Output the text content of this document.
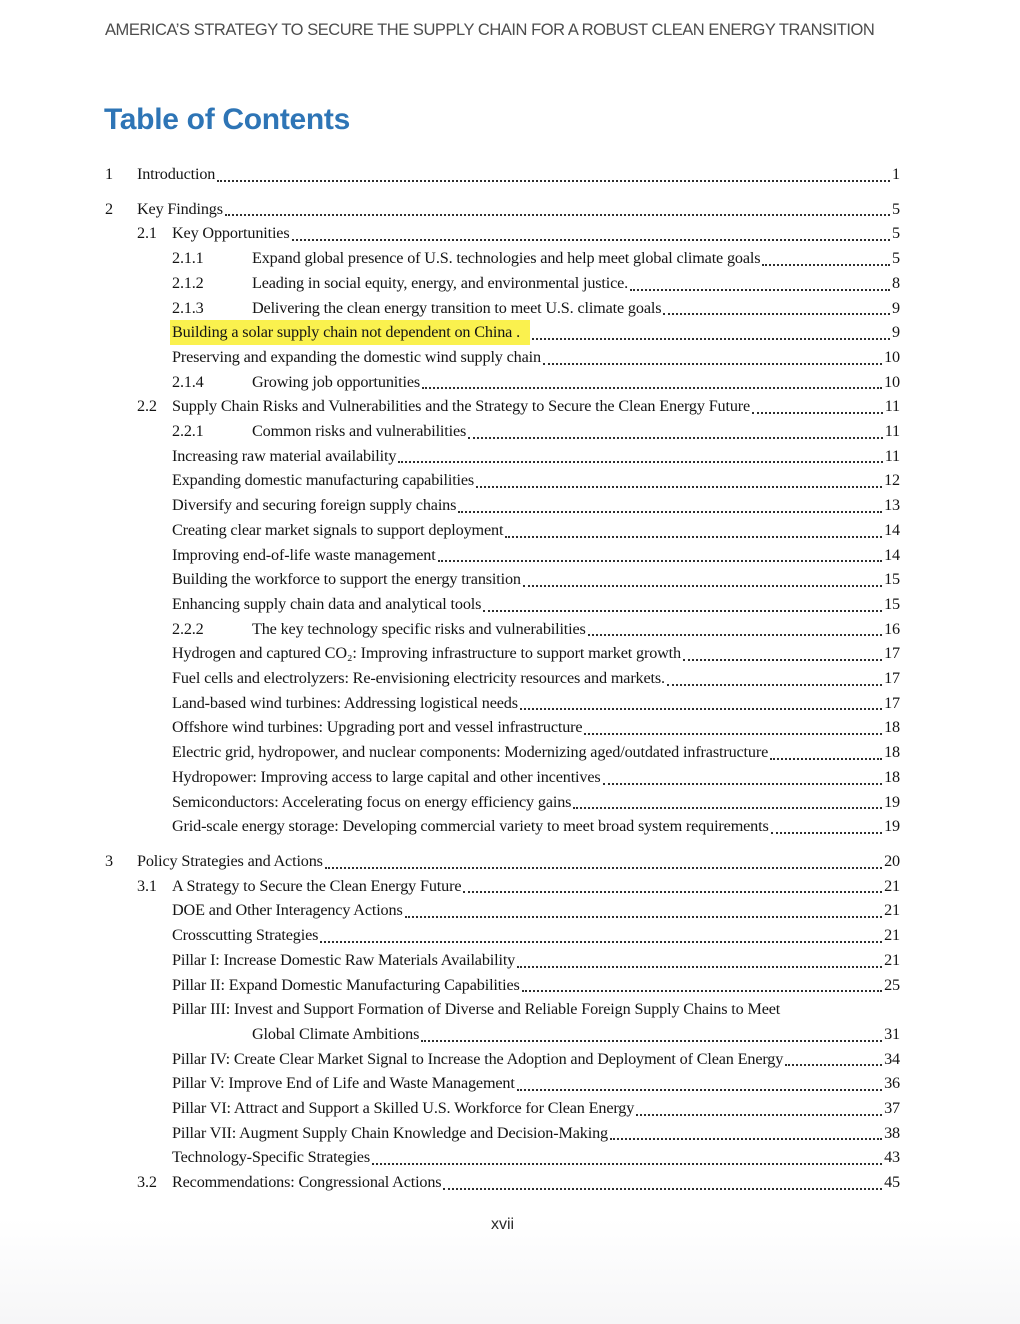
AMERICA’S STRATEGY TO SECURE THE SUPPLY CHAIN FOR A ROBUST CLEAN ENERGY TRANSITION
Table of Contents
1	Introduction	1
2	Key Findings	5
2.1 Key Opportunities	5
2.1.1	Expand global presence of U.S. technologies and help meet global climate goals	5
2.1.2	Leading in social equity, energy, and environmental justice.	8
2.1.3	Delivering the clean energy transition to meet U.S. climate goals	9
Building a solar supply chain not dependent on China .	9
Preserving and expanding the domestic wind supply chain	10
2.1.4	Growing job opportunities	10
2.2 Supply Chain Risks and Vulnerabilities and the Strategy to Secure the Clean Energy Future	11
2.2.1	Common risks and vulnerabilities	11
Increasing raw material availability	11
Expanding domestic manufacturing capabilities	12
Diversify and securing foreign supply chains	13
Creating clear market signals to support deployment	14
Improving end-of-life waste management	14
Building the workforce to support the energy transition	15
Enhancing supply chain data and analytical tools	15
2.2.2	The key technology specific risks and vulnerabilities	16
Hydrogen and captured CO₂: Improving infrastructure to support market growth	17
Fuel cells and electrolyzers: Re-envisioning electricity resources and markets.	17
Land-based wind turbines: Addressing logistical needs	17
Offshore wind turbines: Upgrading port and vessel infrastructure	18
Electric grid, hydropower, and nuclear components: Modernizing aged/outdated infrastructure	18
Hydropower: Improving access to large capital and other incentives	18
Semiconductors: Accelerating focus on energy efficiency gains	19
Grid-scale energy storage: Developing commercial variety to meet broad system requirements	19
3	Policy Strategies and Actions	20
3.1 A Strategy to Secure the Clean Energy Future	21
DOE and Other Interagency Actions	21
Crosscutting Strategies	21
Pillar I: Increase Domestic Raw Materials Availability	21
Pillar II: Expand Domestic Manufacturing Capabilities	25
Pillar III: Invest and Support Formation of Diverse and Reliable Foreign Supply Chains to Meet
Global Climate Ambitions	31
Pillar IV: Create Clear Market Signal to Increase the Adoption and Deployment of Clean Energy	34
Pillar V: Improve End of Life and Waste Management	36
Pillar VI: Attract and Support a Skilled U.S. Workforce for Clean Energy	37
Pillar VII: Augment Supply Chain Knowledge and Decision-Making	38
Technology-Specific Strategies	43
3.2 Recommendations: Congressional Actions	45
xvii
